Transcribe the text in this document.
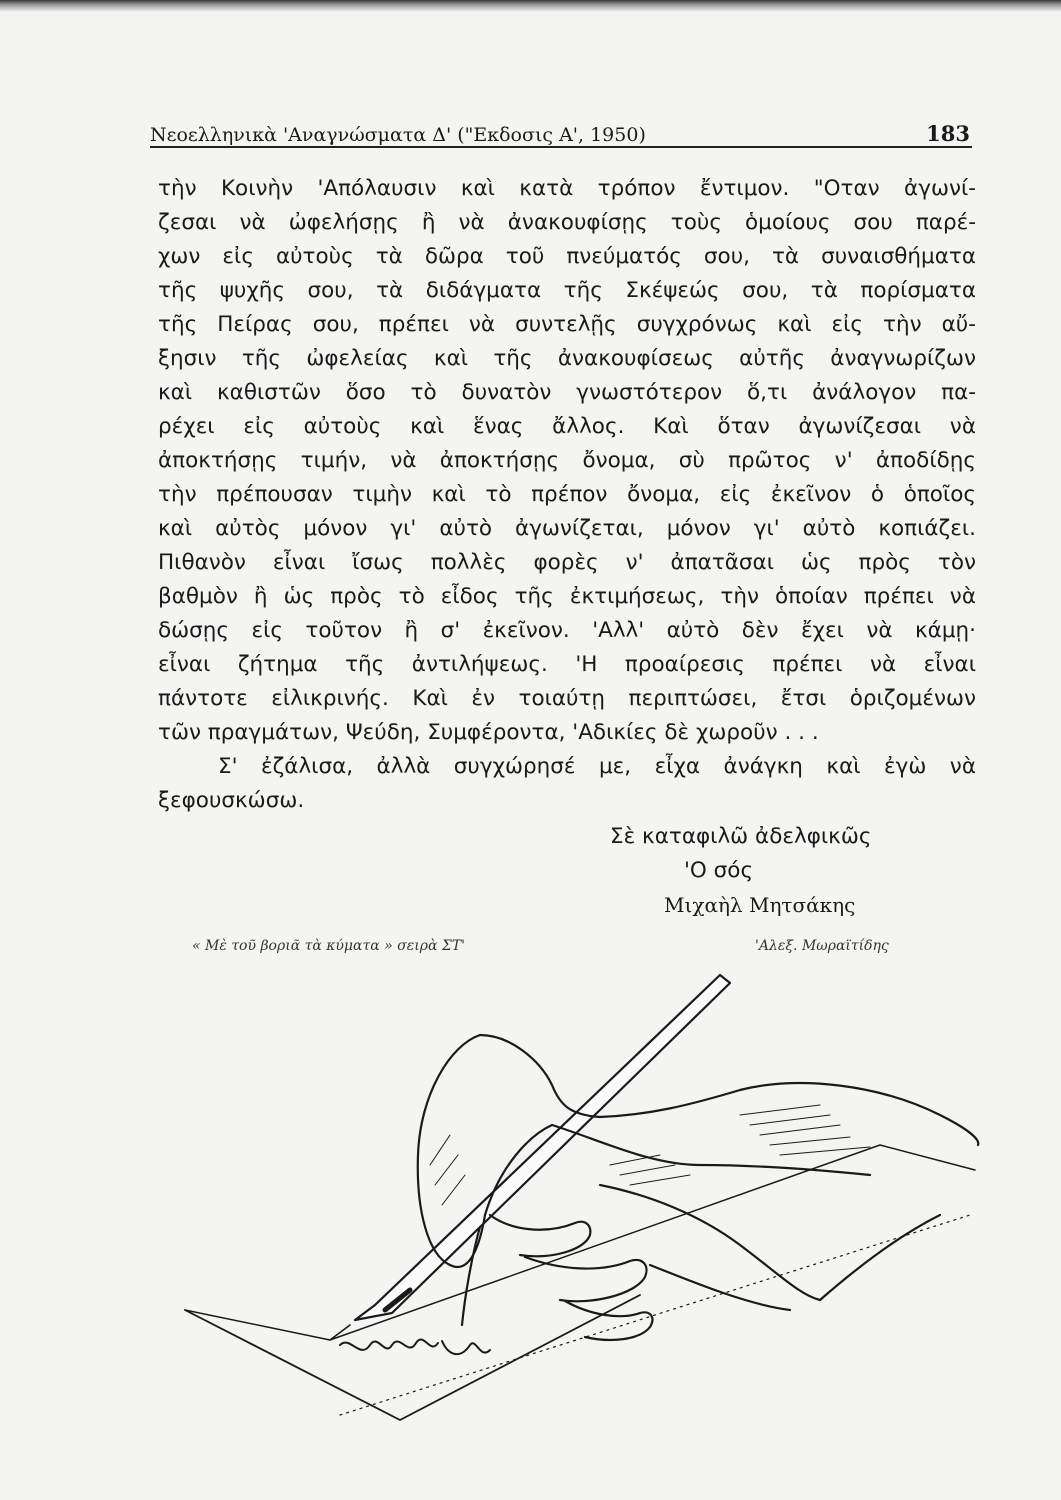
Νεοελληνικὰ 'Αναγνώσματα Δ' ("Εκδοσις Α', 1950)	183
τὴν Κοινὴν 'Απόλαυσιν καὶ κατὰ τρόπον ἔντιμον. "Οταν ἀγωνί-
ζεσαι νὰ ὠφελήσῃς ἢ νὰ ἀνακουφίσῃς τοὺς ὁμοίους σου παρέ-
χων εἰς αὐτοὺς τὰ δῶρα τοῦ πνεύματός σου, τὰ συναισθήματα
τῆς ψυχῆς σου, τὰ διδάγματα τῆς Σκέψεώς σου, τὰ πορίσματα
τῆς Πείρας σου, πρέπει νὰ συντελῇς συγχρόνως καὶ εἰς τὴν αὔ-
ξησιν τῆς ὠφελείας καὶ τῆς ἀνακουφίσεως αὐτῆς ἀναγνωρίζων
καὶ καθιστῶν ὅσο τὸ δυνατὸν γνωστότερον ὅ,τι ἀνάλογον πα-
ρέχει εἰς αὐτοὺς καὶ ἕνας ἄλλος. Καὶ ὅταν ἀγωνίζεσαι νὰ
ἀποκτήσῃς τιμήν, νὰ ἀποκτήσῃς ὄνομα, σὺ πρῶτος ν' ἀποδίδῃς
τὴν πρέπουσαν τιμὴν καὶ τὸ πρέπον ὄνομα, εἰς ἐκεῖνον ὁ ὁποῖος
καὶ αὐτὸς μόνον γι' αὐτὸ ἀγωνίζεται, μόνον γι' αὐτὸ κοπιάζει.
Πιθανὸν εἶναι ἴσως πολλὲς φορὲς ν' ἀπατᾶσαι ὡς πρὸς τὸν
βαθμὸν ἢ ὡς πρὸς τὸ εἶδος τῆς ἐκτιμήσεως, τὴν ὁποίαν πρέπει νὰ
δώσῃς εἰς τοῦτον ἢ σ' ἐκεῖνον. 'Αλλ' αὐτὸ δὲν ἔχει νὰ κάμῃ·
εἶναι ζήτημα τῆς ἀντιλήψεως. 'Η προαίρεσις πρέπει νὰ εἶναι
πάντοτε εἰλικρινής. Καὶ ἐν τοιαύτῃ περιπτώσει, ἔτσι ὁριζομένων
τῶν πραγμάτων, Ψεύδη, Συμφέροντα, 'Αδικίες δὲ χωροῦν . . .
Σ' ἐζάλισα, ἀλλὰ συγχώρησέ με, εἶχα ἀνάγκη καὶ ἐγὼ νὰ
ξεφουσκώσω.
Σὲ καταφιλῶ ἀδελφικῶς
'Ο σός
Μιχαὴλ Μητσάκης
« Μὲ τοῦ βοριᾶ τὰ κύματα » σειρὰ ΣΤ'	'Αλεξ. Μωραϊτίδης
